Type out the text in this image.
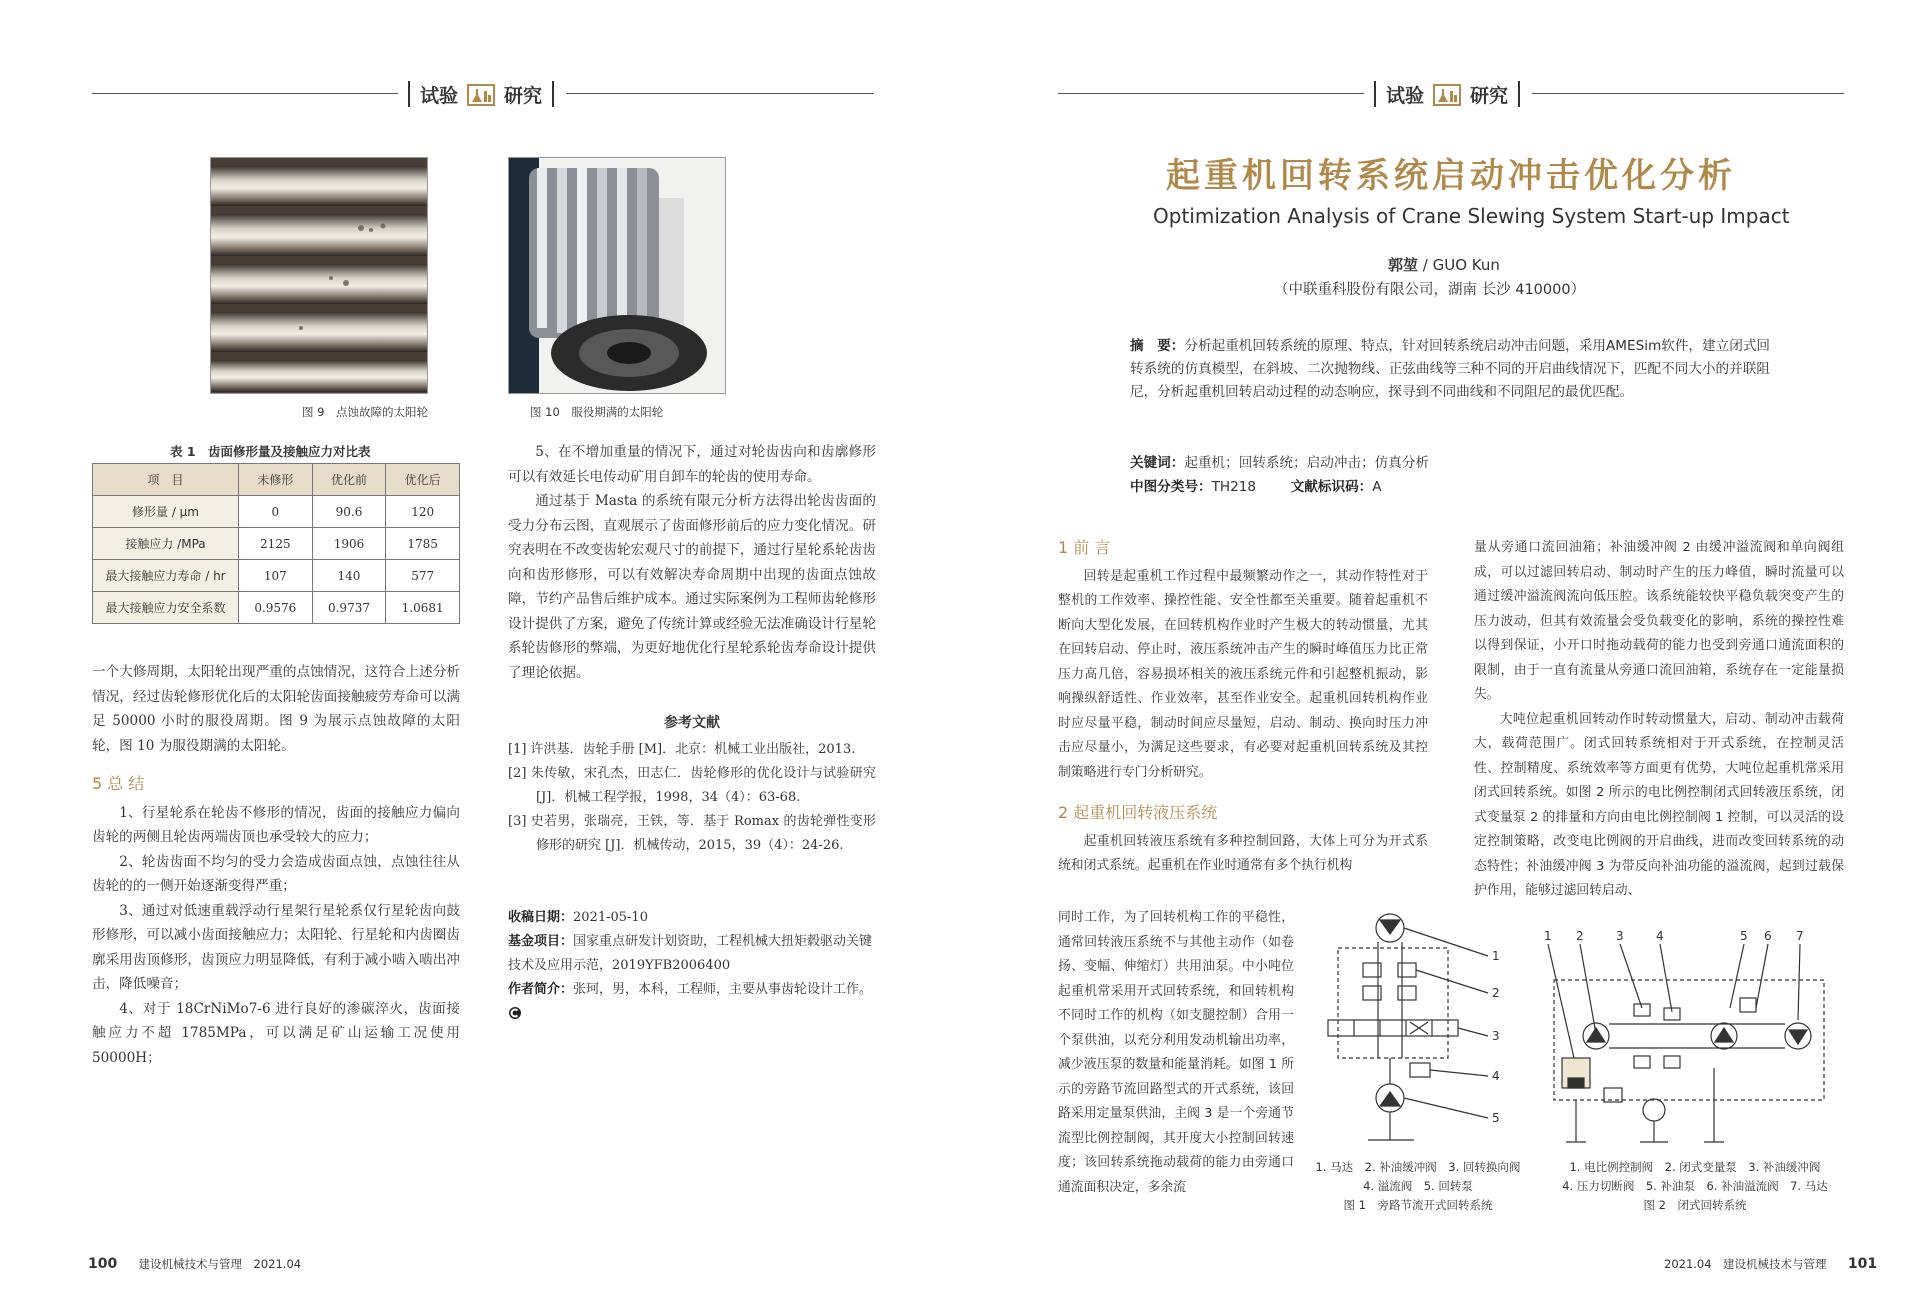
试验 研究	试验 研究
图 9　点蚀故障的太阳轮	图 10　服役期满的太阳轮
表 1　齿面修形量及接触应力对比表
项　目	未修形	优化前	优化后
修形量 / μm	0	90.6	120
接触应力 /MPa	2125	1906	1785
最大接触应力寿命 / hr	107	140	577
最大接触应力安全系数	0.9576	0.9737	1.0681

一个大修周期，太阳轮出现严重的点蚀情况，这符合上述分析情况，经过齿轮修形优化后的太阳轮齿面接触疲劳寿命可以满足 50000 小时的服役周期。图 9 为展示点蚀故障的太阳轮，图 10 为服役期满的太阳轮。

5 总 结

1、行星轮系在轮齿不修形的情况，齿面的接触应力偏向齿轮的两侧且轮齿两端齿顶也承受较大的应力；

2、轮齿齿面不均匀的受力会造成齿面点蚀，点蚀往往从齿轮的的一侧开始逐渐变得严重；

3、通过对低速重载浮动行星架行星轮系仅行星轮齿向鼓形修形，可以减小齿面接触应力；太阳轮、行星轮和内齿圈齿廓采用齿顶修形，齿顶应力明显降低，有利于减小啮入啮出冲击，降低噪音；

4、对于 18CrNiMo7-6 进行良好的渗碳淬火，齿面接触应力不超 1785MPa，可以满足矿山运输工况使用 50000H；

5、在不增加重量的情况下，通过对轮齿齿向和齿廓修形可以有效延长电传动矿用自卸车的轮齿的使用寿命。

通过基于 Masta 的系统有限元分析方法得出轮齿齿面的受力分布云图，直观展示了齿面修形前后的应力变化情况。研究表明在不改变齿轮宏观尺寸的前提下，通过行星轮系轮齿齿向和齿形修形，可以有效解决寿命周期中出现的齿面点蚀故障，节约产品售后维护成本。通过实际案例为工程师齿轮修形设计提供了方案，避免了传统计算或经验无法准确设计行星轮系轮齿修形的弊端，为更好地优化行星轮系轮齿寿命设计提供了理论依据。

参考文献
[1] 许洪基．齿轮手册 [M]．北京：机械工业出版社，2013.
[2] 朱传敏，宋孔杰，田志仁．齿轮修形的优化设计与试验研究 [J]．机械工程学报，1998，34（4）：63-68.
[3] 史若男，张瑞亮，王铁，等．基于 Romax 的齿轮弹性变形修形的研究 [J]．机械传动，2015，39（4）：24-26.
收稿日期：2021-05-10
基金项目：国家重点研发计划资助，工程机械大扭矩毂驱动关键技术及应用示范，2019YFB2006400
作者简介：张珂，男，本科，工程师，主要从事齿轮设计工作。
起重机回转系统启动冲击优化分析
Optimization Analysis of Crane Slewing System Start-up Impact
郭堃 / GUO Kun
（中联重科股份有限公司，湖南 长沙 410000）
摘　要：分析起重机回转系统的原理、特点，针对回转系统启动冲击问题，采用AMESim软件，建立闭式回转系统的仿真模型，在斜坡、二次抛物线、正弦曲线等三种不同的开启曲线情况下，匹配不同大小的并联阻尼，分析起重机回转启动过程的动态响应，探寻到不同曲线和不同阻尼的最优匹配。
关键词：起重机；回转系统；启动冲击；仿真分析
中图分类号：TH218	文献标识码：A
1 前 言

回转是起重机工作过程中最频繁动作之一，其动作特性对于整机的工作效率、操控性能、安全性都至关重要。随着起重机不断向大型化发展，在回转机构作业时产生极大的转动惯量，尤其在回转启动、停止时，液压系统冲击产生的瞬时峰值压力比正常压力高几倍，容易损坏相关的液压系统元件和引起整机振动，影响操纵舒适性、作业效率，甚至作业安全。起重机回转机构作业时应尽量平稳，制动时间应尽量短，启动、制动、换向时压力冲击应尽量小，为满足这些要求，有必要对起重机回转系统及其控制策略进行专门分析研究。

2 起重机回转液压系统

起重机回转液压系统有多种控制回路，大体上可分为开式系统和闭式系统。起重机在作业时通常有多个执行机构

同时工作，为了回转机构工作的平稳性，通常回转液压系统不与其他主动作（如卷扬、变幅、伸缩灯）共用油泵。中小吨位起重机常采用开式回转系统，和回转机构不同时工作的机构（如支腿控制）合用一个泵供油，以充分利用发动机输出功率，减少液压泵的数量和能量消耗。如图 1 所示的旁路节流回路型式的开式系统，该回路采用定量泵供油，主阀 3 是一个旁通节流型比例控制阀，其开度大小控制回转速度；该回转系统拖动载荷的能力由旁通口通流面积决定，多余流

量从旁通口流回油箱；补油缓冲阀 2 由缓冲溢流阀和单向阀组成，可以过滤回转启动、制动时产生的压力峰值，瞬时流量可以通过缓冲溢流阀流向低压腔。该系统能较快平稳负载突变产生的压力波动，但其有效流量会受负载变化的影响，系统的操控性难以得到保证，小开口时拖动载荷的能力也受到旁通口通流面积的限制，由于一直有流量从旁通口流回油箱，系统存在一定能量损失。

大吨位起重机回转动作时转动惯量大，启动、制动冲击载荷大，载荷范围广。闭式回转系统相对于开式系统，在控制灵活性、控制精度、系统效率等方面更有优势，大吨位起重机常采用闭式回转系统。如图 2 所示的电比例控制闭式回转液压系统，闭式变量泵 2 的排量和方向由电比例控制阀 1 控制，可以灵活的设定控制策略，改变电比例阀的开启曲线，进而改变回转系统的动态特性；补油缓冲阀 3 为带反向补油功能的溢流阀，起到过载保护作用，能够过滤回转启动、

1
2
3
4
5
1. 马达　2. 补油缓冲阀　3. 回转换向阀
4. 溢流阀　5. 回转泵
图 1　旁路节流开式回转系统
1 2	3	4	5 6 7
1. 电比例控制阀　2. 闭式变量泵　3. 补油缓冲阀
4. 压力切断阀　5. 补油泵　6. 补油溢流阀　7. 马达
图 2　闭式回转系统
100 建设机械技术与管理　2021.04	2021.04　建设机械技术与管理 101
